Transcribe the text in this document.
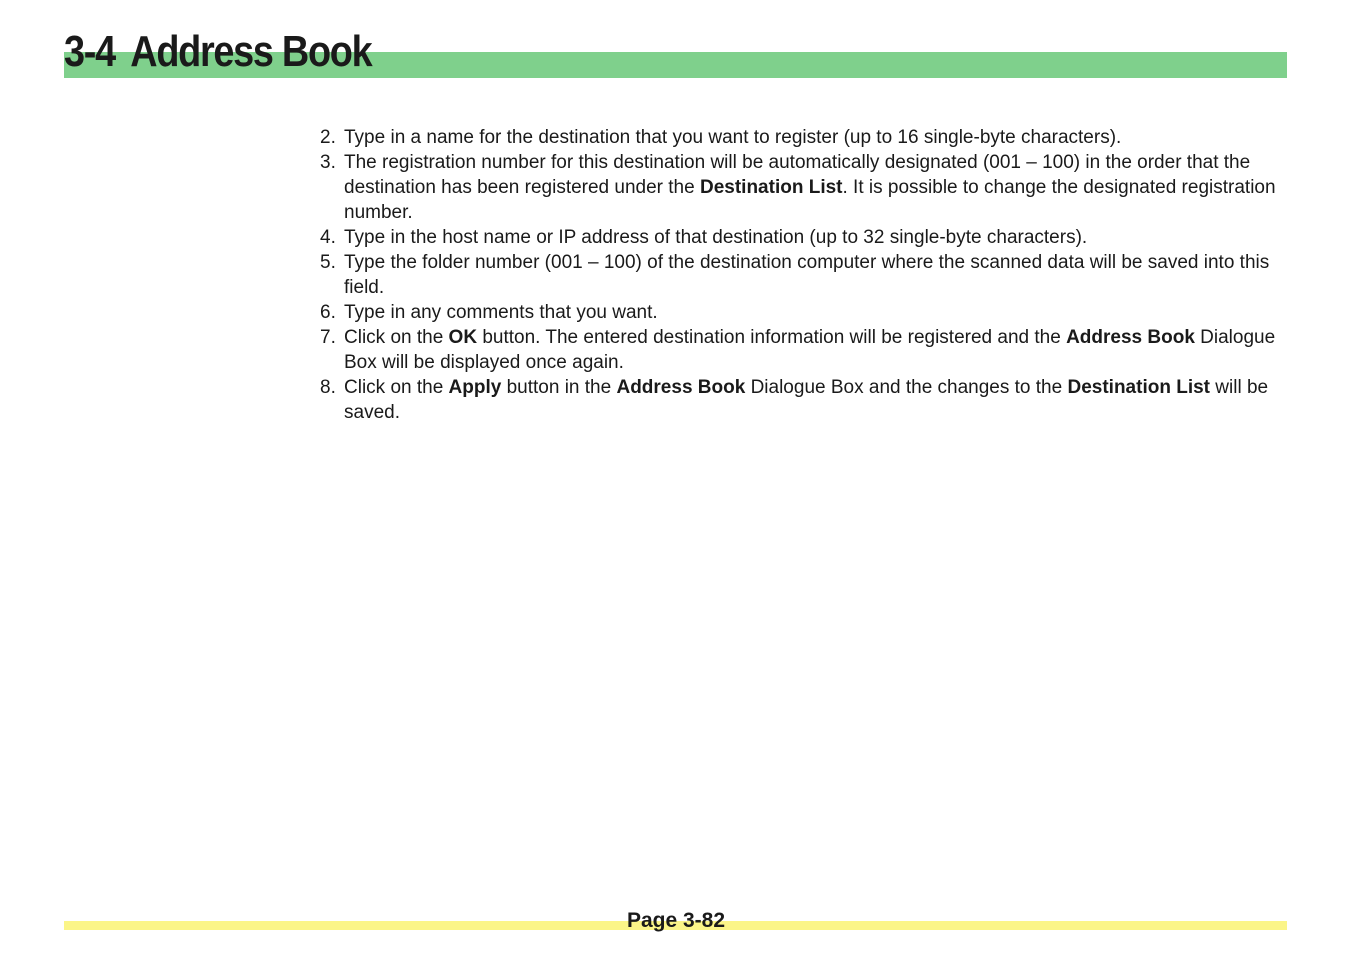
3-4 Address Book
2. Type in a name for the destination that you want to register (up to 16 single-byte characters).
3. The registration number for this destination will be automatically designated (001 – 100) in the order that the destination has been registered under the Destination List. It is possible to change the designated registration number.
4. Type in the host name or IP address of that destination (up to 32 single-byte characters).
5. Type the folder number (001 – 100) of the destination computer where the scanned data will be saved into this field.
6. Type in any comments that you want.
7. Click on the OK button. The entered destination information will be registered and the Address Book Dialogue Box will be displayed once again.
8. Click on the Apply button in the Address Book Dialogue Box and the changes to the Destination List will be saved.
Page 3-82
